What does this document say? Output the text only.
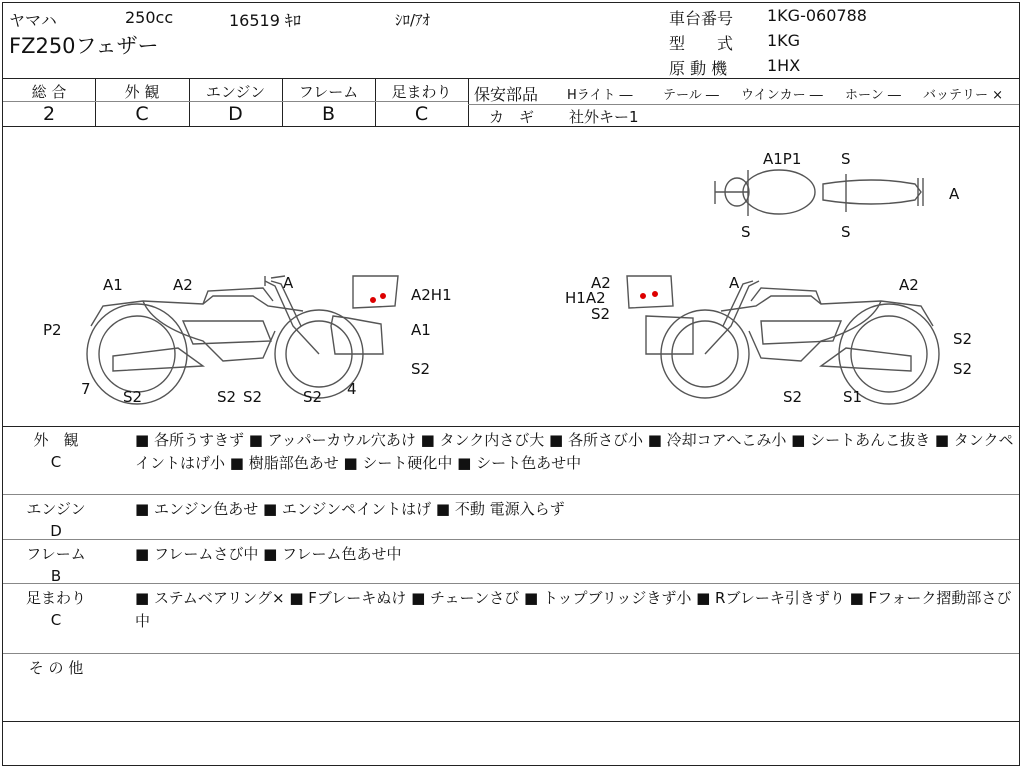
ヤマハ	250cc	16519 ｷﾛ	ｼﾛ/ｱｵ
FZ250フェザー
車台番号 1KG-060788
型　　式 1KG
原 動 機 1HX
総 合
2
外 観
C
エンジン
D
フレーム
B
足まわり
C
保安部品 Hライト ― テール ― ウインカー ― ホーン ― バッテリー ×
カ　ギ 社外キー1
A1	A2	A
A2H1
P2	A1
7 S2	S2 S2	S2 4
S2
A2	A	A2
H1A2
S2
S2
S2
S2	S1
A1P1	S
A
S	S
外　観
C
■ 各所うすきず ■ アッパーカウル穴あけ ■ タンク内さび大 ■ 各所さび小 ■ 冷却コアへこみ小 ■ シートあんこ抜き ■ タンクペイントはげ小 ■ 樹脂部色あせ ■ シート硬化中 ■ シート色あせ中
エンジン
D
■ エンジン色あせ ■ エンジンペイントはげ ■ 不動 電源入らず
フレーム
B
■ フレームさび中 ■ フレーム色あせ中
足まわり
C
■ ステムベアリング× ■ Fブレーキぬけ ■ チェーンさび ■ トップブリッジきず小 ■ Rブレーキ引きずり ■ Fフォーク摺動部さび中
そ の 他
